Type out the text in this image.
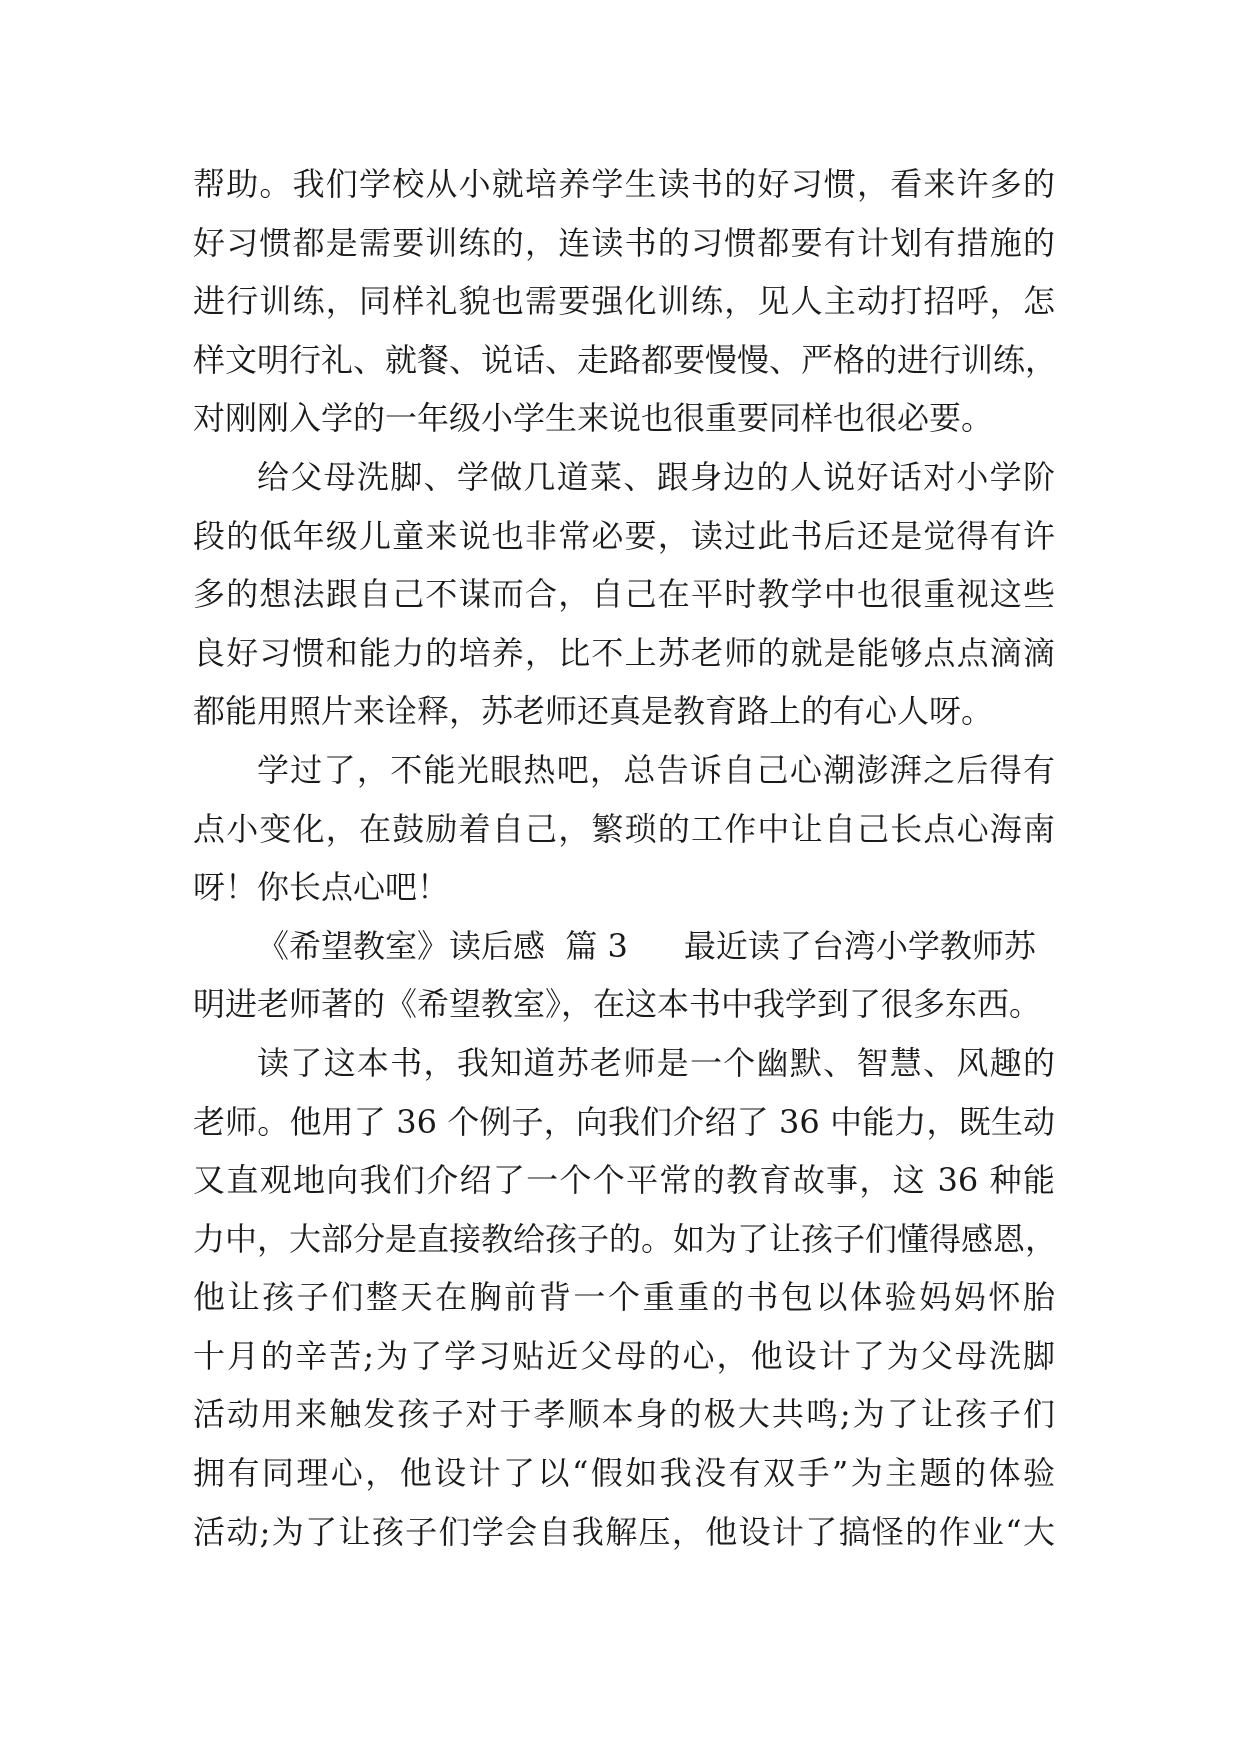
帮助。我们学校从小就培养学生读书的好习惯，看来许多的
好习惯都是需要训练的，连读书的习惯都要有计划有措施的
进行训练，同样礼貌也需要强化训练，见人主动打招呼，怎
样文明行礼、就餐、说话、走路都要慢慢、严格的进行训练，
对刚刚入学的一年级小学生来说也很重要同样也很必要。
给父母洗脚、学做几道菜、跟身边的人说好话对小学阶
段的低年级儿童来说也非常必要，读过此书后还是觉得有许
多的想法跟自己不谋而合，自己在平时教学中也很重视这些
良好习惯和能力的培养，比不上苏老师的就是能够点点滴滴
都能用照片来诠释，苏老师还真是教育路上的有心人呀。
学过了，不能光眼热吧，总告诉自己心潮澎湃之后得有
点小变化，在鼓励着自己，繁琐的工作中让自己长点心海南
呀！你长点心吧！
《希望教室》读后感  篇 3 最近读了台湾小学教师苏
明进老师著的《希望教室》，在这本书中我学到了很多东西。
读了这本书，我知道苏老师是一个幽默、智慧、风趣的
老师。他用了 36 个例子，向我们介绍了 36 中能力，既生动
又直观地向我们介绍了一个个平常的教育故事，这 36 种能
力中，大部分是直接教给孩子的。如为了让孩子们懂得感恩，
他让孩子们整天在胸前背一个重重的书包以体验妈妈怀胎
十月的辛苦;为了学习贴近父母的心，他设计了为父母洗脚
活动用来触发孩子对于孝顺本身的极大共鸣;为了让孩子们
拥有同理心，他设计了以“假如我没有双手”为主题的体验
活动;为了让孩子们学会自我解压，他设计了搞怪的作业“大
